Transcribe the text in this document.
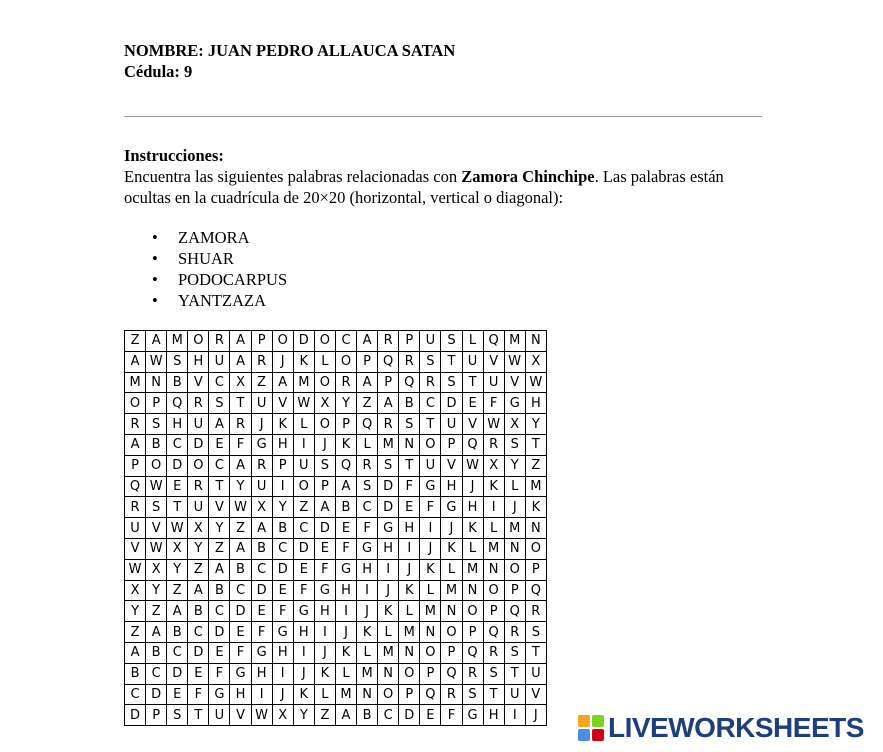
NOMBRE: JUAN PEDRO ALLAUCA SATAN
Cédula: 9
Instrucciones:
Encuentra las siguientes palabras relacionadas con Zamora Chinchipe. Las palabras están ocultas en la cuadrícula de 20×20 (horizontal, vertical o diagonal):
• ZAMORA
• SHUAR
• PODOCARPUS
• YANTZAZA
Z	A	M	O	R	A	P	O	D	O	C	A	R	P	U	S	L	Q	M	N
A	W	S	H	U	A	R	J	K	L	O	P	Q	R	S	T	U	V	W	X
M	N	B	V	C	X	Z	A	M	O	R	A	P	Q	R	S	T	U	V	W
O	P	Q	R	S	T	U	V	W	X	Y	Z	A	B	C	D	E	F	G	H
R	S	H	U	A	R	J	K	L	O	P	Q	R	S	T	U	V	W	X	Y
A	B	C	D	E	F	G	H	I	J	K	L	M	N	O	P	Q	R	S	T
P	O	D	O	C	A	R	P	U	S	Q	R	S	T	U	V	W	X	Y	Z
Q	W	E	R	T	Y	U	I	O	P	A	S	D	F	G	H	J	K	L	M
R	S	T	U	V	W	X	Y	Z	A	B	C	D	E	F	G	H	I	J	K
U	V	W	X	Y	Z	A	B	C	D	E	F	G	H	I	J	K	L	M	N
V	W	X	Y	Z	A	B	C	D	E	F	G	H	I	J	K	L	M	N	O
W	X	Y	Z	A	B	C	D	E	F	G	H	I	J	K	L	M	N	O	P
X	Y	Z	A	B	C	D	E	F	G	H	I	J	K	L	M	N	O	P	Q
Y	Z	A	B	C	D	E	F	G	H	I	J	K	L	M	N	O	P	Q	R
Z	A	B	C	D	E	F	G	H	I	J	K	L	M	N	O	P	Q	R	S
A	B	C	D	E	F	G	H	I	J	K	L	M	N	O	P	Q	R	S	T
B	C	D	E	F	G	H	I	J	K	L	M	N	O	P	Q	R	S	T	U
C	D	E	F	G	H	I	J	K	L	M	N	O	P	Q	R	S	T	U	V
D	P	S	T	U	V	W	X	Y	Z	A	B	C	D	E	F	G	H	I	J	LIVEWORKSHEETS
